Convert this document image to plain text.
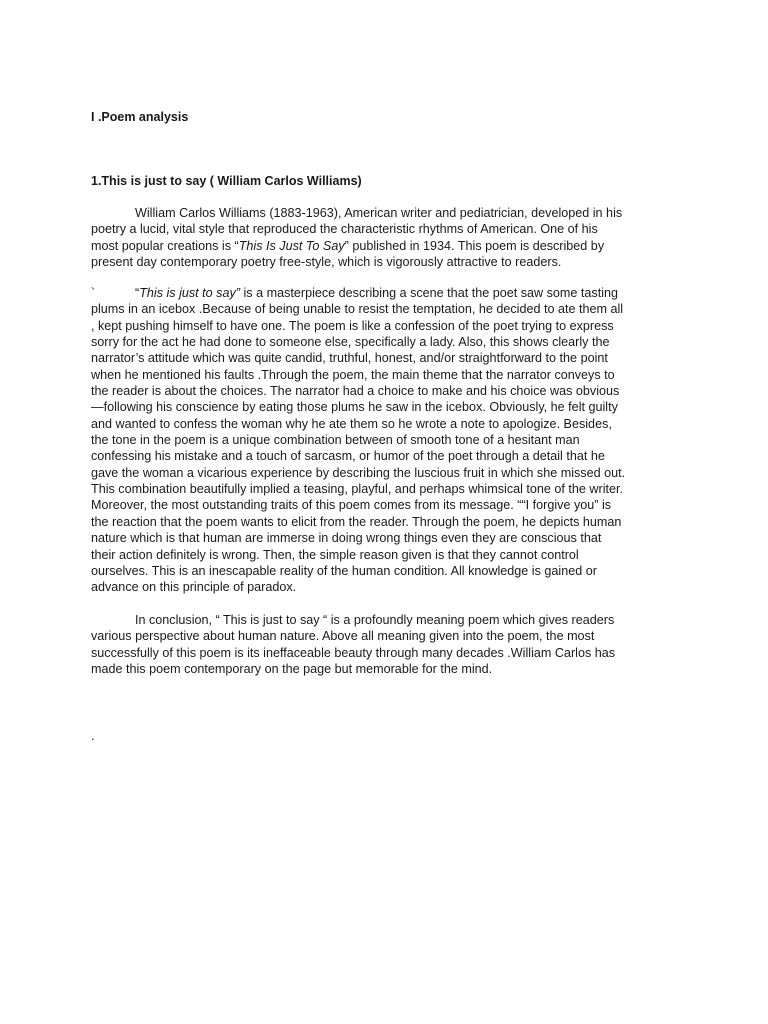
I .Poem analysis
1.This is just to say ( William Carlos Williams)
William Carlos Williams (1883-1963), American writer and pediatrician, developed in his
poetry a lucid, vital style that reproduced the characteristic rhythms of American. One of his
most popular creations is “This Is Just To Say” published in 1934. This poem is described by
present day contemporary poetry free-style, which is vigorously attractive to readers.
`	“This is just to say” is a masterpiece describing a scene that the poet saw some tasting
plums in an icebox .Because of being unable to resist the temptation, he decided to ate them all
, kept pushing himself to have one. The poem is like a confession of the poet trying to express
sorry for the act he had done to someone else, specifically a lady. Also, this shows clearly the
narrator’s attitude which was quite candid, truthful, honest, and/or straightforward to the point
when he mentioned his faults .Through the poem, the main theme that the narrator conveys to
the reader is about the choices. The narrator had a choice to make and his choice was obvious
—following his conscience by eating those plums he saw in the icebox. Obviously, he felt guilty
and wanted to confess the woman why he ate them so he wrote a note to apologize. Besides,
the tone in the poem is a unique combination between of smooth tone of a hesitant man
confessing his mistake and a touch of sarcasm, or humor of the poet through a detail that he
gave the woman a vicarious experience by describing the luscious fruit in which she missed out.
This combination beautifully implied a teasing, playful, and perhaps whimsical tone of the writer.
Moreover, the most outstanding traits of this poem comes from its message. ““I forgive you” is
the reaction that the poem wants to elicit from the reader. Through the poem, he depicts human
nature which is that human are immerse in doing wrong things even they are conscious that
their action definitely is wrong. Then, the simple reason given is that they cannot control
ourselves. This is an inescapable reality of the human condition. All knowledge is gained or
advance on this principle of paradox.
In conclusion, “ This is just to say “ is a profoundly meaning poem which gives readers
various perspective about human nature. Above all meaning given into the poem, the most
successfully of this poem is its ineffaceable beauty through many decades .William Carlos has
made this poem contemporary on the page but memorable for the mind.
.
